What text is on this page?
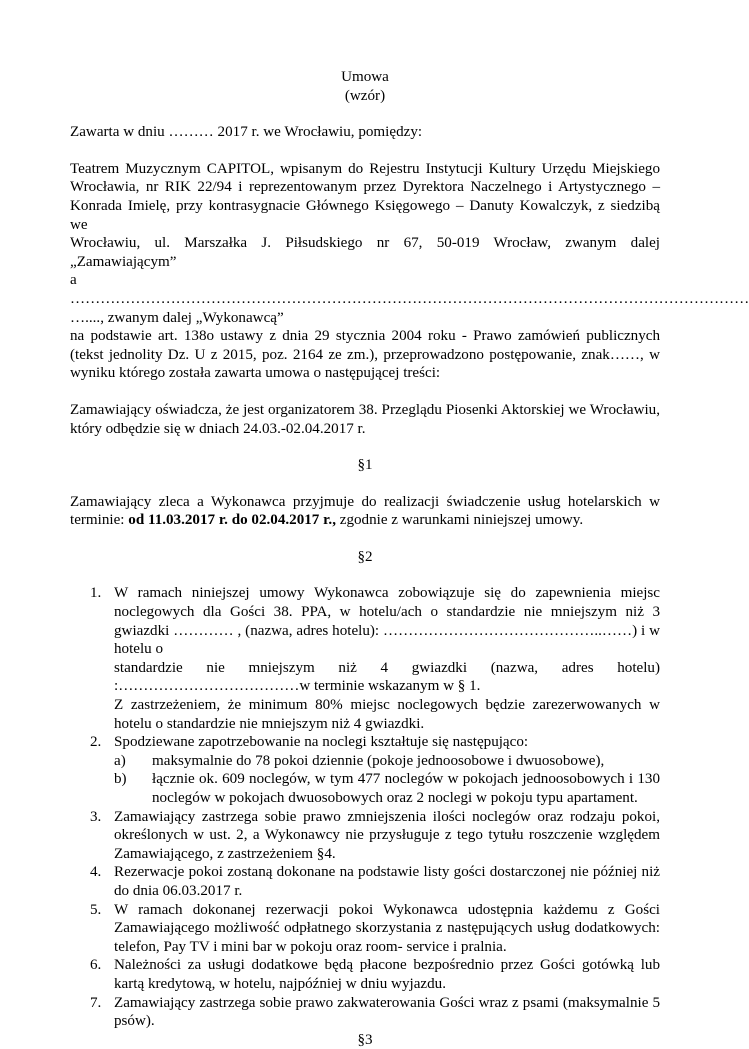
Umowa

(wzór)

Zawarta w dniu ……… 2017 r. we Wrocławiu, pomiędzy:

Teatrem Muzycznym CAPITOL, wpisanym do Rejestru Instytucji Kultury Urzędu Miejskiego

Wrocławia, nr RIK 22/94 i reprezentowanym przez Dyrektora Naczelnego i Artystycznego –

Konrada Imielę, przy kontrasygnacie Głównego Księgowego – Danuty Kowalczyk, z siedzibą we

Wrocławiu, ul. Marszałka J. Piłsudskiego nr 67, 50-019 Wrocław, zwanym dalej

„Zamawiającym”

a

………………………………………………………………………………………………………………………

…...., zwanym dalej „Wykonawcą”

na podstawie art. 138o ustawy z dnia 29 stycznia 2004 roku - Prawo zamówień publicznych (tekst jednolity Dz. U z 2015, poz. 2164 ze zm.), przeprowadzono postępowanie, znak……, w wyniku którego została zawarta umowa o następującej treści:

Zamawiający oświadcza, że jest organizatorem 38. Przeglądu Piosenki Aktorskiej we Wrocławiu, który odbędzie się w dniach 24.03.-02.04.2017 r.

§1

Zamawiający zleca a Wykonawca przyjmuje do realizacji świadczenie usług hotelarskich w terminie: od 11.03.2017 r. do 02.04.2017 r., zgodnie z warunkami niniejszej umowy.

§2

1. W ramach niniejszej umowy Wykonawca zobowiązuje się do zapewnienia miejsc noclegowych dla Gości 38. PPA, w hotelu/ach o standardzie nie mniejszym niż 3 gwiazdki ………… , (nazwa, adres hotelu): ……………………………………..……) i w hotelu o

standardzie nie mniejszym niż 4 gwiazdki (nazwa, adres hotelu)

:………………………………w terminie wskazanym w § 1.

Z zastrzeżeniem, że minimum 80% miejsc noclegowych będzie zarezerwowanych w hotelu o standardzie nie mniejszym niż 4 gwiazdki.

2. Spodziewane zapotrzebowanie na noclegi kształtuje się następująco:

a) maksymalnie do 78 pokoi dziennie (pokoje jednoosobowe i dwuosobowe),
b) łącznie ok. 609 noclegów, w tym 477 noclegów w pokojach jednoosobowych i 130 noclegów w pokojach dwuosobowych oraz 2 noclegi w pokoju typu apartament.
3. Zamawiający zastrzega sobie prawo zmniejszenia ilości noclegów oraz rodzaju pokoi, określonych w ust. 2, a Wykonawcy nie przysługuje z tego tytułu roszczenie względem Zamawiającego, z zastrzeżeniem §4.
4. Rezerwacje pokoi zostaną dokonane na podstawie listy gości dostarczonej nie później niż do dnia 06.03.2017 r.
5. W ramach dokonanej rezerwacji pokoi Wykonawca udostępnia każdemu z Gości Zamawiającego możliwość odpłatnego skorzystania z następujących usług dodatkowych: telefon, Pay TV i mini bar w pokoju oraz room- service i pralnia.
6. Należności za usługi dodatkowe będą płacone bezpośrednio przez Gości gotówką lub kartą kredytową, w hotelu, najpóźniej w dniu wyjazdu.
7. Zamawiający zastrzega sobie prawo zakwaterowania Gości wraz z psami (maksymalnie 5 psów).

§3
